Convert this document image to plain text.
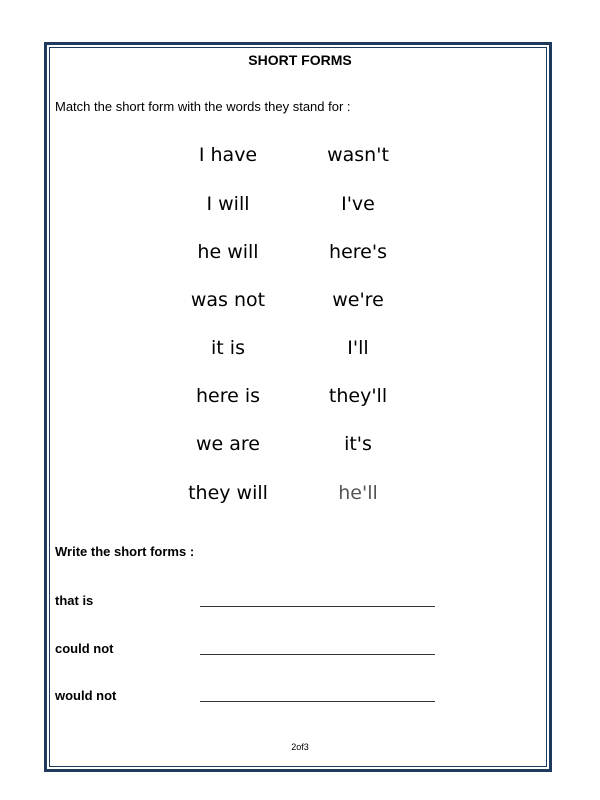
SHORT FORMS
Match the short form with the words they stand for :
I have	wasn't
I will	I've
he will	here's
was not	we're
it is	I'll
here is	they'll
we are	it's
they will	he'll
Write the short forms :
that is
could not
would not
2of3
